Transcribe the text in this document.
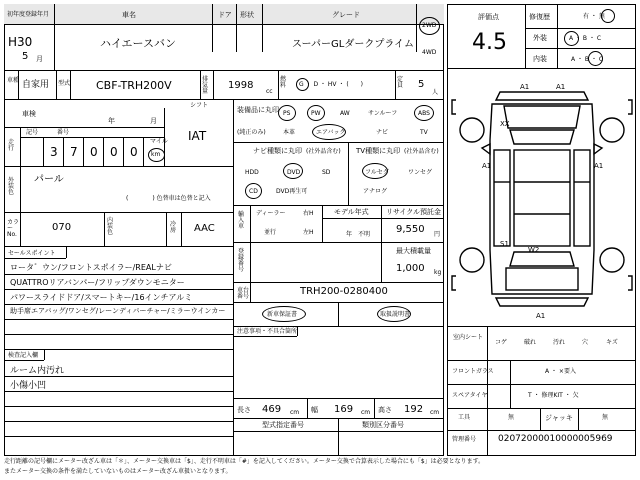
初年度登録年月	車名	ドア 形状	グレード
H30
5 月
ハイエースバン	スーパーGLダークプライム
2WD
4WD
車種 自家用 型式 CBF-TRH200V	排気量
1998
cc
燃料	G ・ D ・ HV ・ (　　)
定員	5
人
車検
年	月
シフト
IAT
記号	番号
走行	3 7 0 0 0
マイル
km
外装色
パール
(　　　　) 色替車は色替と記入
カラーNo.
070
内装色
冷房 AAC
セールスポイント
ロータ゛ウン/フロントスポイラー/REALナビ
QUATTROリアバンパー/フリップダウンモニター
パワースライドドア/スマートキー/16インチアルミ
助手席エアバッグ/ワンセグ/レーンディパーチャー/ミラーウインカー
検査記入欄
ルーム内汚れ
小傷小凹
装備品に丸印
(純正のみ)
PS	PW	AW	サンルーフ	ABS
本革	エアバック	ナビ	TV
ナビ種類に丸印 (社外品含む) TV種類に丸印 (社外品含む)
HDD	DVD	SD
CD	DVD再生可
フルセグ	ワンセグ
アナログ
輸入車
ディーラー	右H
並行	左H
モデル年式
年　不明
リサイクル預託金
9,550 円
登録番号
最大積載量
1,000 kg
車台番号	TRH200-0280400
新車保証書	取扱説明書
注意事項・不具合箇所
長さ 469 cm 幅 169 cm 高さ 192 cm
型式指定番号	類別区分番号
評価点
4.5
修復歴	有 ・ 無
外装	A ・ B ・ C
内装	A ・ B ・ C
A1	A1
XX
A1	A1
S1
W2
A1
室内シート
コゲ	破れ	汚れ	穴	キズ
フロントガラス	A ・ ×要入
スペアタイヤ	T ・ 修理KIT ・ 欠
工具	無	ジャッキ	無
管理番号 02072000010000005969
走行距離の記号欄にメーター改ざん車は「＊」、メーター交換車は「$」、走行不明車は「#」を記入してください。メーター交換で合算表示した場合にも「$」は必要となります。
またメーター交換の条件を満たしていないものはメーター改ざん車扱いとなります。
